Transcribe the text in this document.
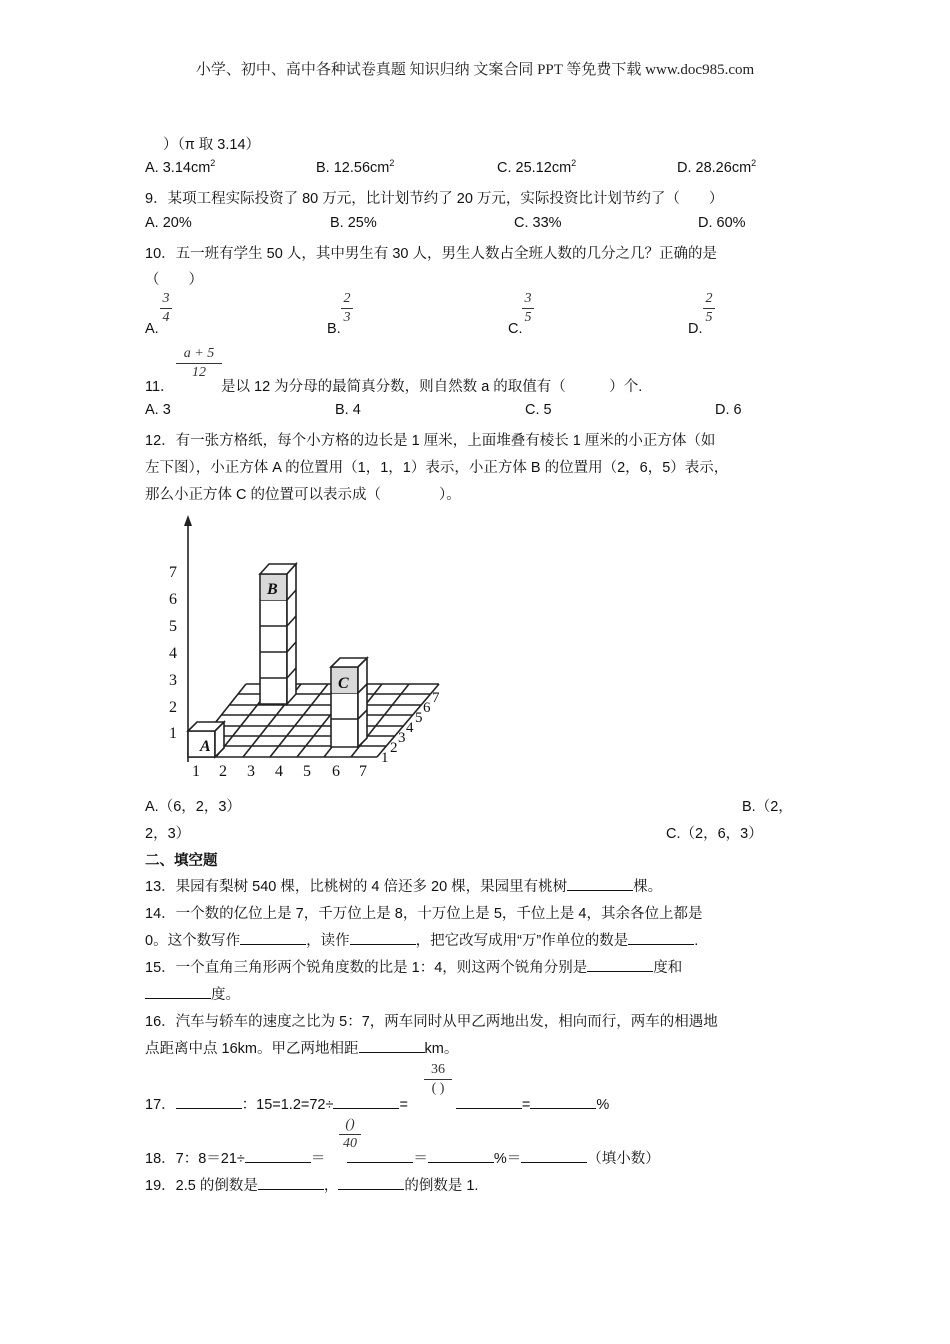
小学、初中、高中各种试卷真题 知识归纳 文案合同 PPT 等免费下载 www.doc985.com
）（π 取 3.14）
A. $3.14cm^2$	B. $12.56cm^2$	C. $25.12cm^2$	D. $28.26cm^2$
9．某项工程实际投资了 80 万元，比计划节约了 20 万元，实际投资比计划节约了（　　）
A. 20%	B. 25%	C. 33%	D. 60%
10．五一班有学生 50 人，其中男生有 30 人，男生人数占全班人数的几分之几？正确的是
（　　）
A.
3
4
B.
2
3
C.
3
5
D.
2
5
11．
a + 5
12
是以 12 为分母的最简真分数，则自然数 a 的取值有（　　　）个.
A. 3	B. 4	C. 5	D. 6
12．有一张方格纸，每个小方格的边长是 1 厘米，上面堆叠有棱长 1 厘米的小正方体（如
左下图），小正方体 A 的位置用（1，1，1）表示，小正方体 B 的位置用（2，6，5）表示，
那么小正方体 C 的位置可以表示成（　　　　）。
A
B
C
1
2
3
4
5
6
7
1 2 3 4 5 6 7
1
2
3
4
5
6
7
A.（6，2，3）	B.（2，
2，3）	C.（2，6，3）
二、填空题
13．果园有梨树 540 棵，比桃树的 4 倍还多 20 棵，果园里有桃树	棵。
14．一个数的亿位上是 7，千万位上是 8，十万位上是 5，千位上是 4，其余各位上都是
0。这个数写作	，读作	，把它改写成用“万”作单位的数是	.
15．一个直角三角形两个锐角度数的比是 1：4，则这两个锐角分别是	度和
度。
16．汽车与轿车的速度之比为 5：7，两车同时从甲乙两地出发，相向而行，两车的相遇地
点距离中点 16km。甲乙两地相距	km。
36
( )
17．	：15=1.2=72÷	=	=	%
()
40
18．7：8＝21÷	＝	＝	%＝	（填小数）
19．2.5 的倒数是	，	的倒数是 1.
